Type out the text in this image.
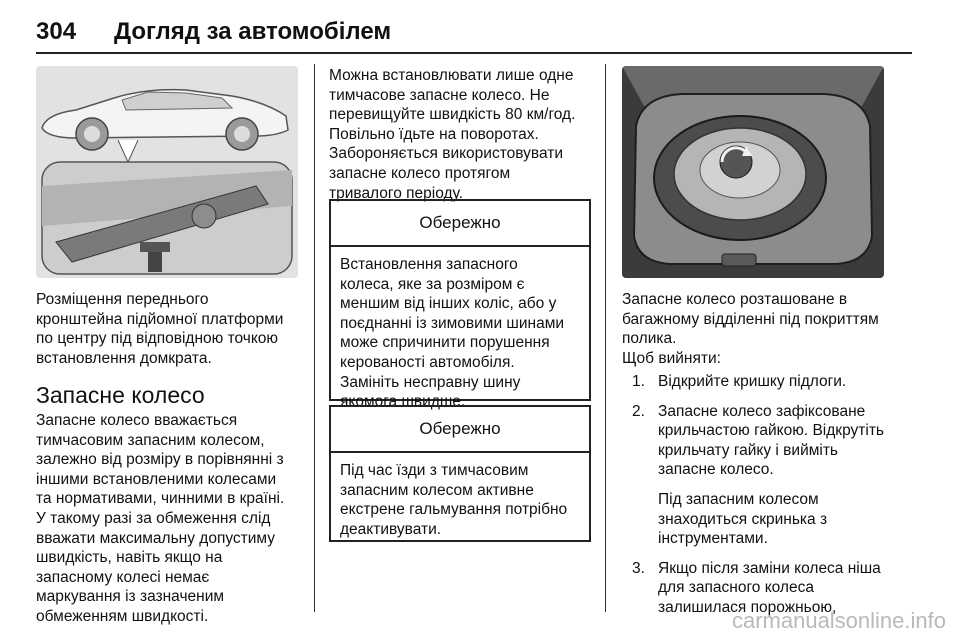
304 Догляд за автомобілем
Розміщення переднього
кронштейна підйомної платформи
по центру під відповідною точкою
встановлення домкрата.
Запасне колесо
Запасне колесо вважається
тимчасовим запасним колесом,
залежно від розміру в порівнянні з
іншими встановленими колесами
та нормативами, чинними в країні.
У такому разі за обмеження слід
вважати максимальну допустиму
швидкість, навіть якщо на
запасному колесі немає
маркування із зазначеним
обмеженням швидкості.
Можна встановлювати лише одне
тимчасове запасне колесо. Не
перевищуйте швидкість 80 км/год.
Повільно їдьте на поворотах.
Забороняється використовувати
запасне колесо протягом
тривалого періоду.
Обережно
Встановлення запасного
колеса, яке за розміром є
меншим від інших коліс, або у
поєднанні із зимовими шинами
може спричинити порушення
керованості автомобіля.
Замініть несправну шину
якомога швидше.
Обережно
Під час їзди з тимчасовим
запасним колесом активне
екстрене гальмування потрібно
деактивувати.
Запасне колесо розташоване в
багажному відділенні під покриттям
полика.
Щоб вийняти:
1. Відкрийте кришку підлоги.
2. Запасне колесо зафіксоване
крильчастою гайкою. Відкрутіть
крильчату гайку і вийміть
запасне колесо.
Під запасним колесом
знаходиться скринька з
інструментами.
3. Якщо після заміни колеса ніша
для запасного колеса
залишилася порожньою,
carmanualsonline.info
